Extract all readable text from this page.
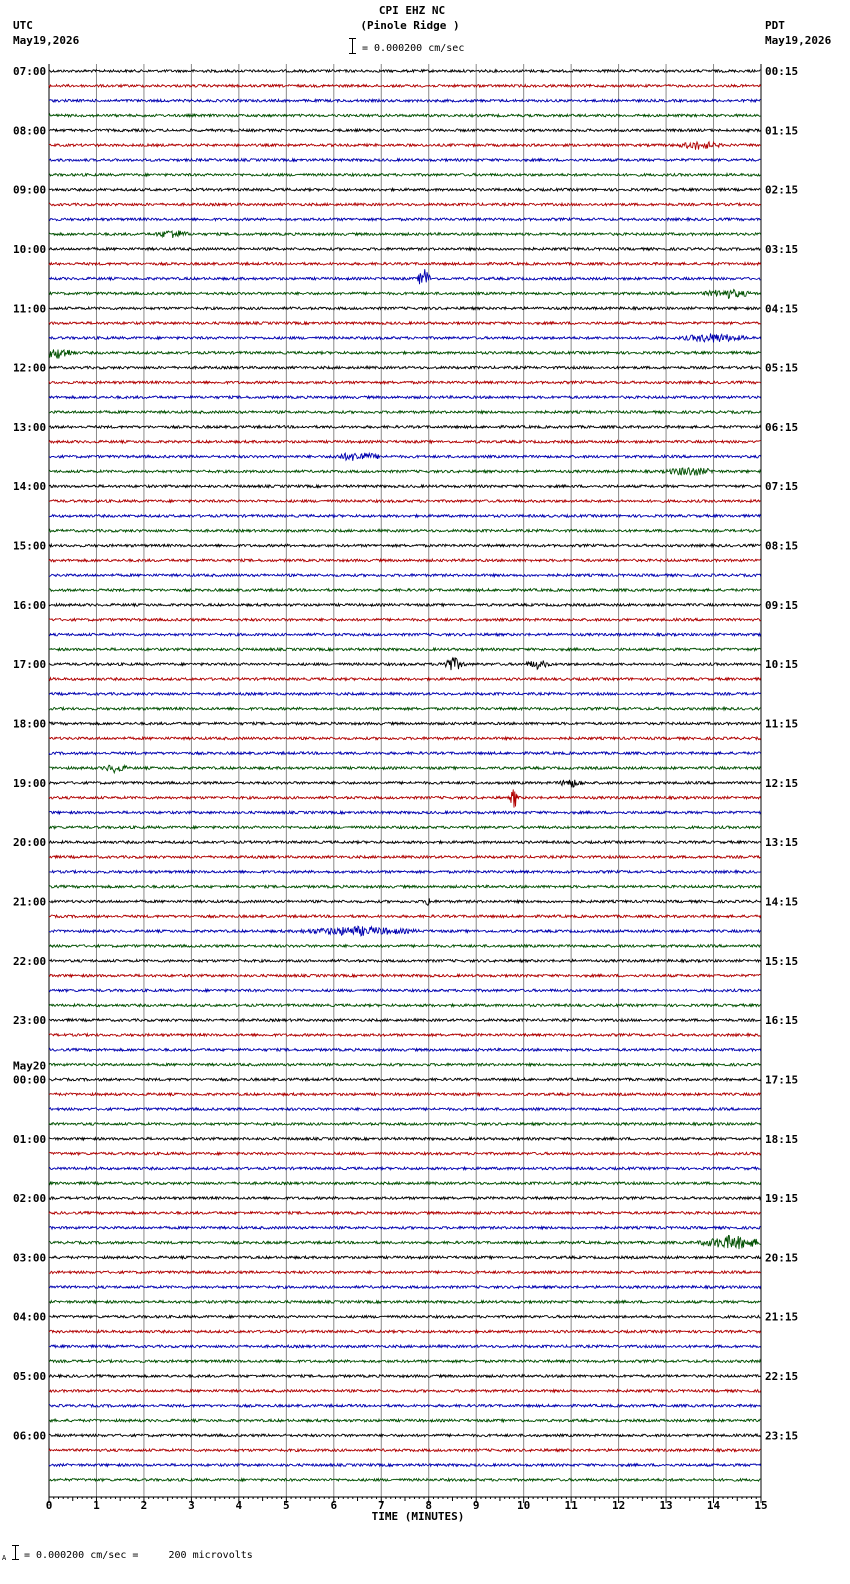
CPI EHZ NC
(Pinole Ridge )
= 0.000200 cm/sec
UTC
May19,2026
PDT
May19,2026
0	1	2	3	4	5	6	7	8	9	10	11	12	13	14	15
07:00
08:00
09:00
10:00
11:00
12:00
13:00
14:00
15:00
16:00
17:00
18:00
19:00
20:00
21:00
22:00
23:00
00:00
May20
01:00
02:00
03:00
04:00
05:00
06:00
00:15
01:15
02:15
03:15
04:15
05:15
06:15
07:15
08:15
09:15
10:15
11:15
12:15
13:15
14:15
15:15
16:15
17:15
18:15
19:15
20:15
21:15
22:15
23:15
TIME (MINUTES)
A = 0.000200 cm/sec =     200 microvolts
